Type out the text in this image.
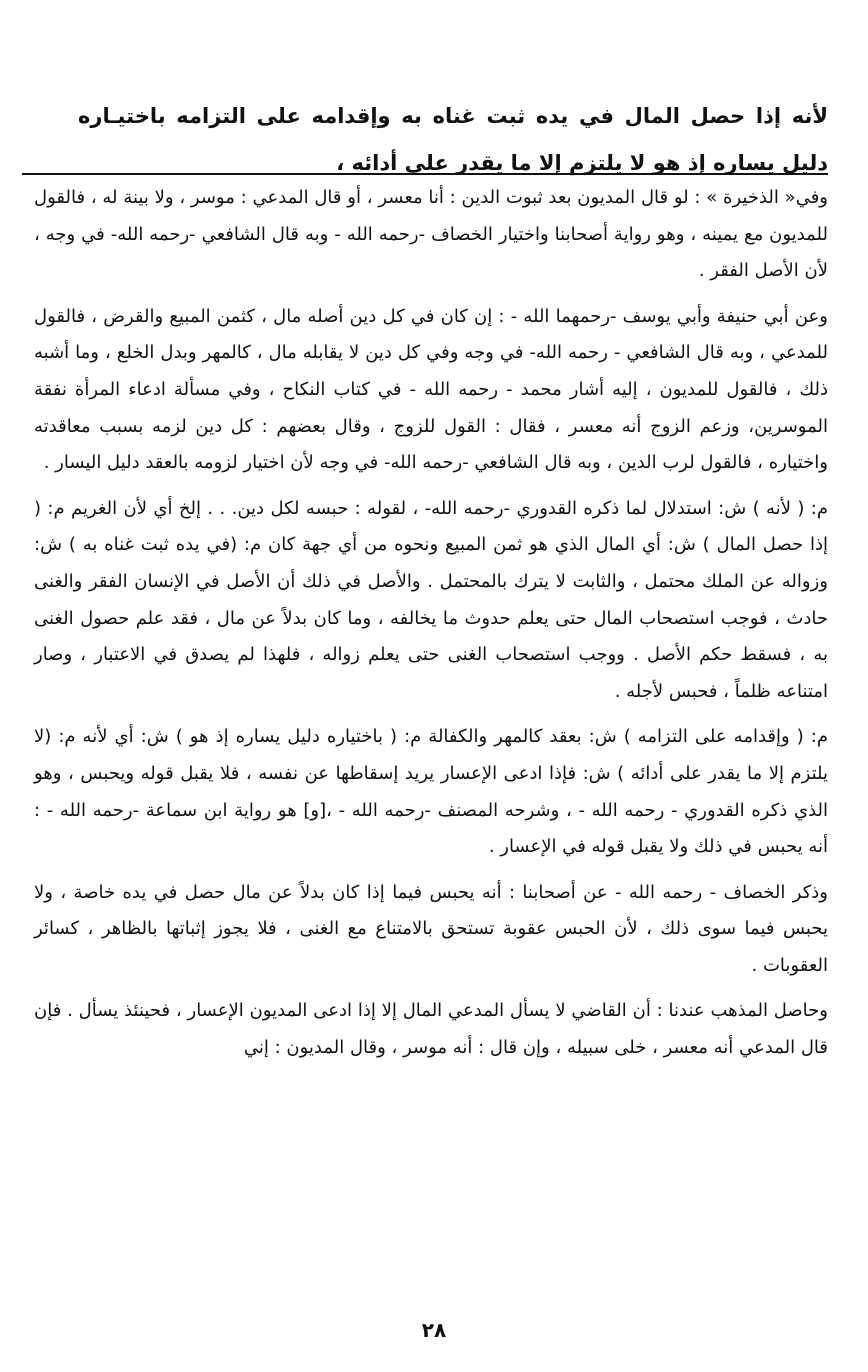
لأنه إذا حصل المال في يده ثبت غناه به وإقدامه على التزامه باختيـاره دليل يساره إذ هو لا يلتزم إلا ما يقدر على أدائه ،

وفي« الذخيرة » : لو قال المديون بعد ثبوت الدين : أنا معسر ، أو قال المدعي : موسر ، ولا بينة له ، فالقول للمديون مع يمينه ، وهو رواية أصحابنا واختيار الخصاف -رحمه الله - وبه قال الشافعي -رحمه الله- في وجه ، لأن الأصل الفقر .

وعن أبي حنيفة وأبي يوسف -رحمهما الله - : إن كان في كل دين أصله مال ، كثمن المبيع والقرض ، فالقول للمدعي ، وبه قال الشافعي - رحمه الله- في وجه وفي كل دين لا يقابله مال ، كالمهر وبدل الخلع ، وما أشبه ذلك ، فالقول للمديون ، إليه أشار محمد - رحمه الله - في كتاب النكاح ، وفي مسألة ادعاء المرأة نفقة الموسرين، وزعم الزوج أنه معسر ، فقال : القول للزوج ، وقال بعضهم : كل دين لزمه بسبب معاقدته واختياره ، فالقول لرب الدين ، وبه قال الشافعي -رحمه الله- في وجه لأن اختيار لزومه بالعقد دليل اليسار .

م: ( لأنه ) ش: استدلال لما ذكره القدوري -رحمه الله- ، لقوله : حبسه لكل دين. . . إلخ أي لأن الغريم م: ( إذا حصل المال ) ش: أي المال الذي هو ثمن المبيع ونحوه من أي جهة كان م: (في يده ثبت غناه به ) ش: وزواله عن الملك محتمل ، والثابت لا يترك بالمحتمل . والأصل في ذلك أن الأصل في الإنسان الفقر والغنى حادث ، فوجب استصحاب المال حتى يعلم حدوث ما يخالفه ، وما كان بدلاً عن مال ، فقد علم حصول الغنى به ، فسقط حكم الأصل . ووجب استصحاب الغنى حتى يعلم زواله ، فلهذا لم يصدق في الاعتبار ، وصار امتناعه ظلماً ، فحبس لأجله .

م: ( وإقدامه على التزامه ) ش: بعقد كالمهر والكفالة م: ( باختياره دليل يساره إذ هو ) ش: أي لأنه م: (لا يلتزم إلا ما يقدر على أدائه ) ش: فإذا ادعى الإعسار يريد إسقاطها عن نفسه ، فلا يقبل قوله ويحبس ، وهو الذي ذكره القدوري - رحمه الله - ، وشرحه المصنف -رحمه الله - ،[و] هو رواية ابن سماعة -رحمه الله - : أنه يحبس في ذلك ولا يقبل قوله في الإعسار .

وذكر الخصاف - رحمه الله - عن أصحابنا : أنه يحبس فيما إذا كان بدلاً عن مال حصل في يده خاصة ، ولا يحبس فيما سوى ذلك ، لأن الحبس عقوبة تستحق بالامتناع مع الغنى ، فلا يجوز إثباتها بالظاهر ، كسائر العقوبات .

وحاصل المذهب عندنا : أن القاضي لا يسأل المدعي المال إلا إذا ادعى المديون الإعسار ، فحينئذ يسأل . فإن قال المدعي أنه معسر ، خلى سبيله ، وإن قال : أنه موسر ، وقال المديون : إني

٢٨
